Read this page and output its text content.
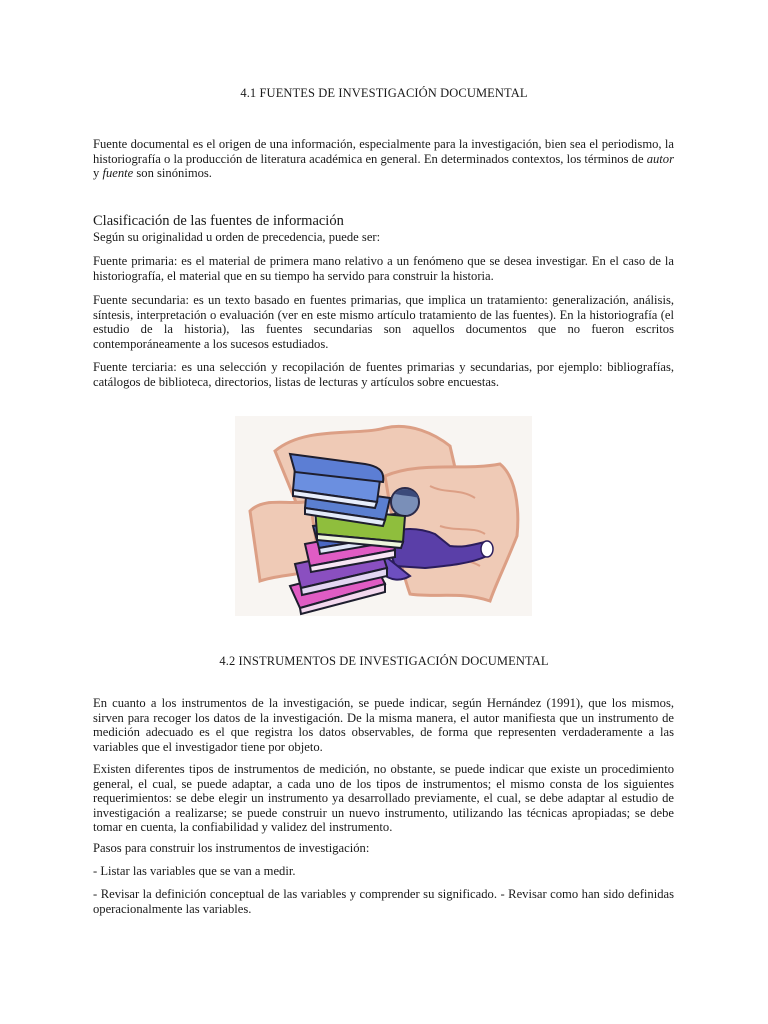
4.1 FUENTES DE INVESTIGACIÓN DOCUMENTAL
Fuente documental es el origen de una información, especialmente para la investigación, bien sea el periodismo, la historiografía o la producción de literatura académica en general. En determinados contextos, los términos de autor y fuente son sinónimos.
Clasificación de las fuentes de información
Según su originalidad u orden de precedencia, puede ser:
Fuente primaria: es el material de primera mano relativo a un fenómeno que se desea investigar. En el caso de la historiografía, el material que en su tiempo ha servido para construir la historia.
Fuente secundaria: es un texto basado en fuentes primarias, que implica un tratamiento: generalización, análisis, síntesis, interpretación o evaluación (ver en este mismo artículo tratamiento de las fuentes). En la historiografía (el estudio de la historia), las fuentes secundarias son aquellos documentos que no fueron escritos contemporáneamente a los sucesos estudiados.
Fuente terciaria: es una selección y recopilación de fuentes primarias y secundarias, por ejemplo: bibliografías, catálogos de biblioteca, directorios, listas de lecturas y artículos sobre encuestas.
4.2 INSTRUMENTOS DE INVESTIGACIÓN DOCUMENTAL
En cuanto a los instrumentos de la investigación, se puede indicar, según Hernández (1991), que los mismos, sirven para recoger los datos de la investigación. De la misma manera, el autor manifiesta que un instrumento de medición adecuado es el que registra los datos observables, de forma que representen verdaderamente a las variables que el investigador tiene por objeto.
Existen diferentes tipos de instrumentos de medición, no obstante, se puede indicar que existe un procedimiento general, el cual, se puede adaptar, a cada uno de los tipos de instrumentos; el mismo consta de los siguientes requerimientos: se debe elegir un instrumento ya desarrollado previamente, el cual, se debe adaptar al estudio de investigación a realizarse; se puede construir un nuevo instrumento, utilizando las técnicas apropiadas; se debe tomar en cuenta, la confiabilidad y validez del instrumento.
Pasos para construir los instrumentos de investigación:
- Listar las variables que se van a medir.
- Revisar la definición conceptual de las variables y comprender su significado. - Revisar como han sido definidas operacionalmente las variables.
